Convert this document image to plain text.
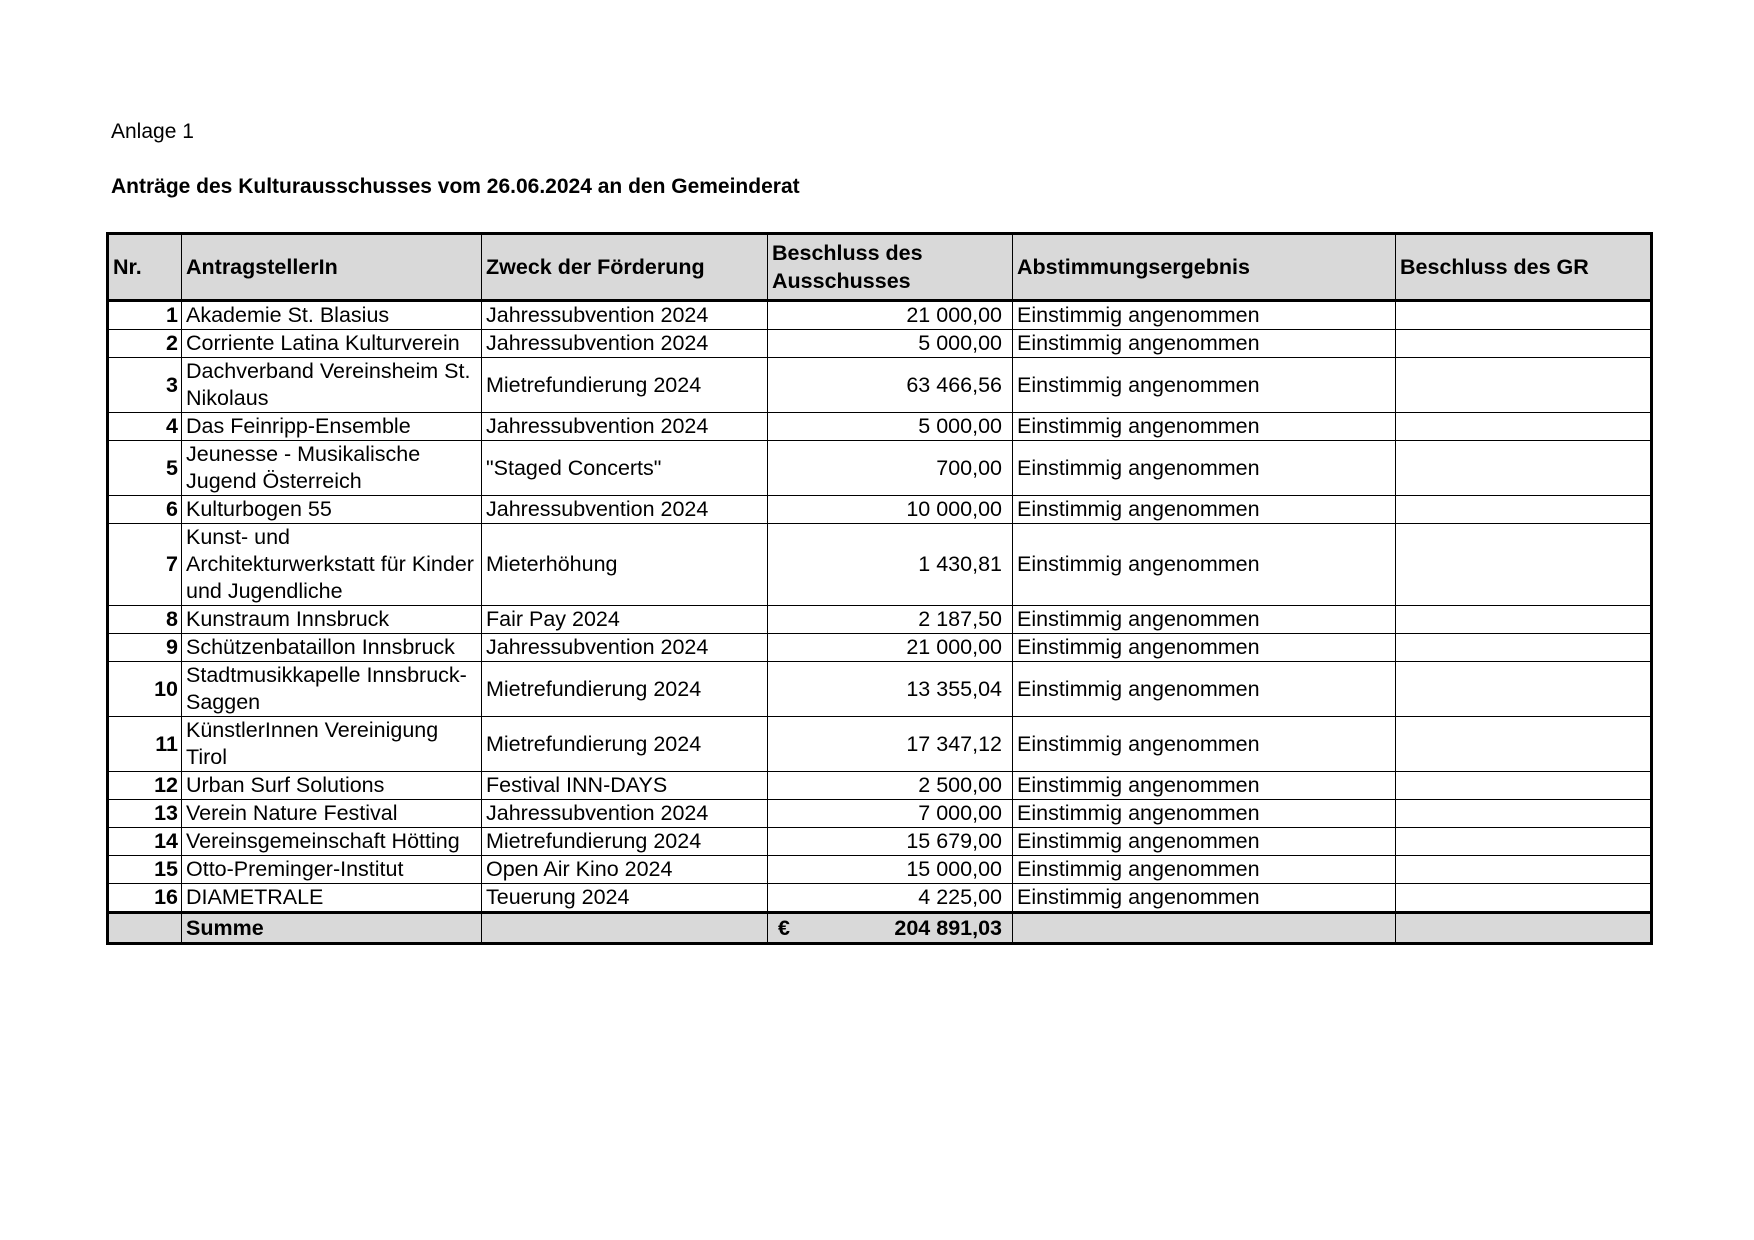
Anlage 1
Anträge des Kulturausschusses vom 26.06.2024 an den Gemeinderat
Nr.	AntragstellerIn	Zweck der Förderung	Beschluss des Ausschusses	Abstimmungsergebnis	Beschluss des GR
1	Akademie St. Blasius	Jahressubvention 2024	21 000,00	Einstimmig angenommen	
2	Corriente Latina Kulturverein	Jahressubvention 2024	5 000,00	Einstimmig angenommen	
3	Dachverband Vereinsheim St. Nikolaus	Mietrefundierung 2024	63 466,56	Einstimmig angenommen	
4	Das Feinripp-Ensemble	Jahressubvention 2024	5 000,00	Einstimmig angenommen	
5	Jeunesse - Musikalische Jugend Österreich	"Staged Concerts"	700,00	Einstimmig angenommen	
6	Kulturbogen 55	Jahressubvention 2024	10 000,00	Einstimmig angenommen	
7	Kunst- und Architekturwerkstatt für Kinder und Jugendliche	Mieterhöhung	1 430,81	Einstimmig angenommen	
8	Kunstraum Innsbruck	Fair Pay 2024	2 187,50	Einstimmig angenommen	
9	Schützenbataillon Innsbruck	Jahressubvention 2024	21 000,00	Einstimmig angenommen	
10	Stadtmusikkapelle Innsbruck-Saggen	Mietrefundierung 2024	13 355,04	Einstimmig angenommen	
11	KünstlerInnen Vereinigung Tirol	Mietrefundierung 2024	17 347,12	Einstimmig angenommen	
12	Urban Surf Solutions	Festival INN-DAYS	2 500,00	Einstimmig angenommen	
13	Verein Nature Festival	Jahressubvention 2024	7 000,00	Einstimmig angenommen	
14	Vereinsgemeinschaft Hötting	Mietrefundierung 2024	15 679,00	Einstimmig angenommen	
15	Otto-Preminger-Institut	Open Air Kino 2024	15 000,00	Einstimmig angenommen	
16	DIAMETRALE	Teuerung 2024	4 225,00	Einstimmig angenommen	
	Summe		€ 204 891,03		
